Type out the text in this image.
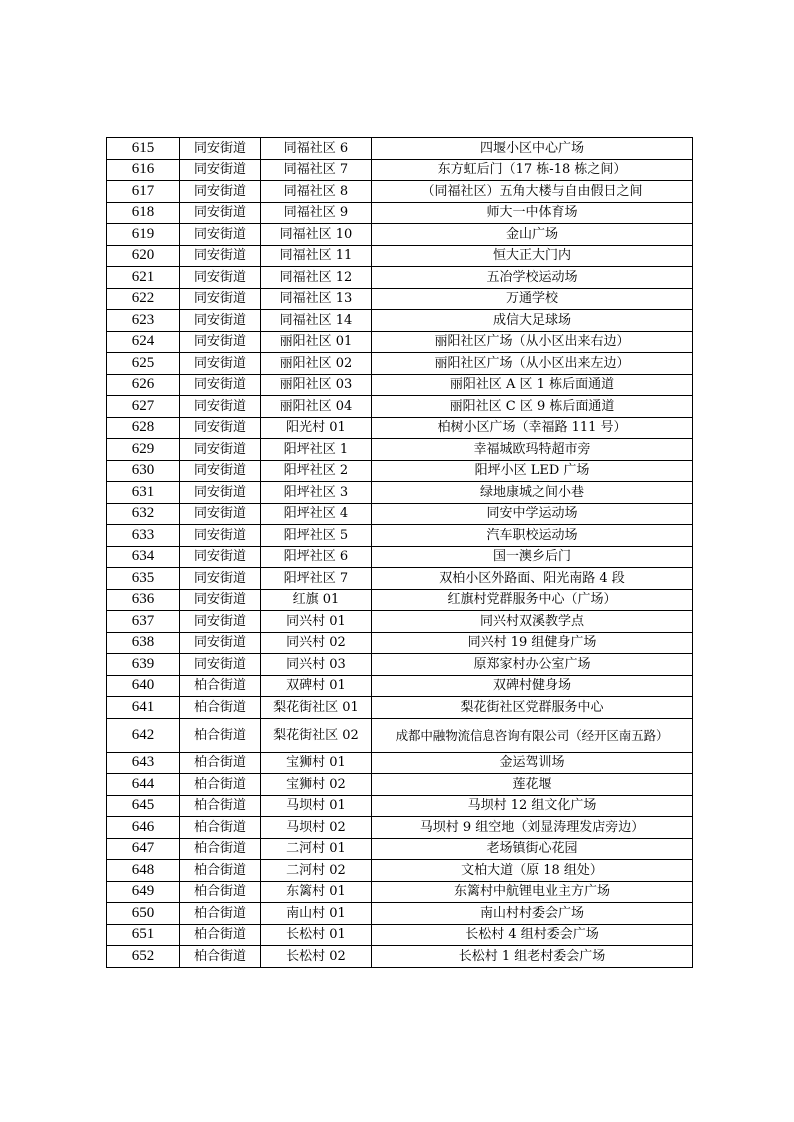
615	同安街道	同福社区 6	四堰小区中心广场
616	同安街道	同福社区 7	东方虹后门（17 栋-18 栋之间）
617	同安街道	同福社区 8	（同福社区）五角大楼与自由假日之间
618	同安街道	同福社区 9	师大一中体育场
619	同安街道	同福社区 10	金山广场
620	同安街道	同福社区 11	恒大正大门内
621	同安街道	同福社区 12	五冶学校运动场
622	同安街道	同福社区 13	万通学校
623	同安街道	同福社区 14	成信大足球场
624	同安街道	丽阳社区 01	丽阳社区广场（从小区出来右边）
625	同安街道	丽阳社区 02	丽阳社区广场（从小区出来左边）
626	同安街道	丽阳社区 03	丽阳社区 A 区 1 栋后面通道
627	同安街道	丽阳社区 04	丽阳社区 C 区 9 栋后面通道
628	同安街道	阳光村 01	柏树小区广场（幸福路 111 号）
629	同安街道	阳坪社区 1	幸福城欧玛特超市旁
630	同安街道	阳坪社区 2	阳坪小区 LED 广场
631	同安街道	阳坪社区 3	绿地康城之间小巷
632	同安街道	阳坪社区 4	同安中学运动场
633	同安街道	阳坪社区 5	汽车职校运动场
634	同安街道	阳坪社区 6	国一澳乡后门
635	同安街道	阳坪社区 7	双柏小区外路面、阳光南路 4 段
636	同安街道	红旗 01	红旗村党群服务中心（广场）
637	同安街道	同兴村 01	同兴村双溪教学点
638	同安街道	同兴村 02	同兴村 19 组健身广场
639	同安街道	同兴村 03	原郑家村办公室广场
640	柏合街道	双碑村 01	双碑村健身场
641	柏合街道	梨花街社区 01	梨花街社区党群服务中心
642	柏合街道	梨花街社区 02	成都中融物流信息咨询有限公司（经开区南五路）
643	柏合街道	宝狮村 01	金运驾训场
644	柏合街道	宝狮村 02	莲花堰
645	柏合街道	马坝村 01	马坝村 12 组文化广场
646	柏合街道	马坝村 02	马坝村 9 组空地（刘显涛理发店旁边）
647	柏合街道	二河村 01	老场镇街心花园
648	柏合街道	二河村 02	文柏大道（原 18 组处）
649	柏合街道	东篱村 01	东篱村中航锂电业主方广场
650	柏合街道	南山村 01	南山村村委会广场
651	柏合街道	长松村 01	长松村 4 组村委会广场
652	柏合街道	长松村 02	长松村 1 组老村委会广场
